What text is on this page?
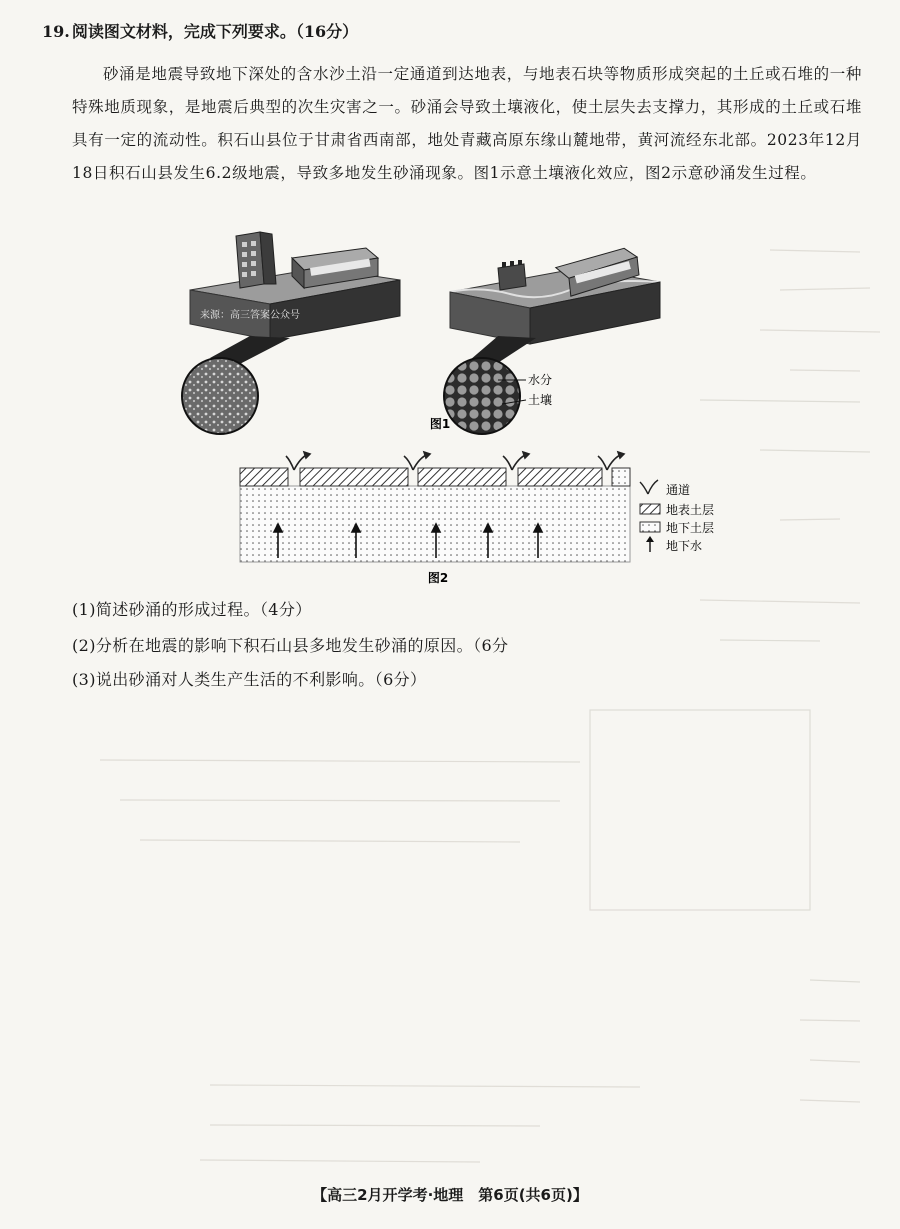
19. 阅读图文材料，完成下列要求。（16分）
砂涌是地震导致地下深处的含水沙土沿一定通道到达地表，与地表石块等物质形成突起的土丘或石堆的一种特殊地质现象，是地震后典型的次生灾害之一。砂涌会导致土壤液化，使土层失去支撑力，其形成的土丘或石堆具有一定的流动性。积石山县位于甘肃省西南部，地处青藏高原东缘山麓地带，黄河流经东北部。2023年12月18日积石山县发生6.2级地震，导致多地发生砂涌现象。图1示意土壤液化效应，图2示意砂涌发生过程。
来源：高三答案公众号
水分
土壤
图1
通道
地表土层
地下土层
地下水
图2
(1)简述砂涌的形成过程。（4分）
(2)分析在地震的影响下积石山县多地发生砂涌的原因。（6分
(3)说出砂涌对人类生产生活的不利影响。（6分）
【高三2月开学考·地理　第6页(共6页)】
